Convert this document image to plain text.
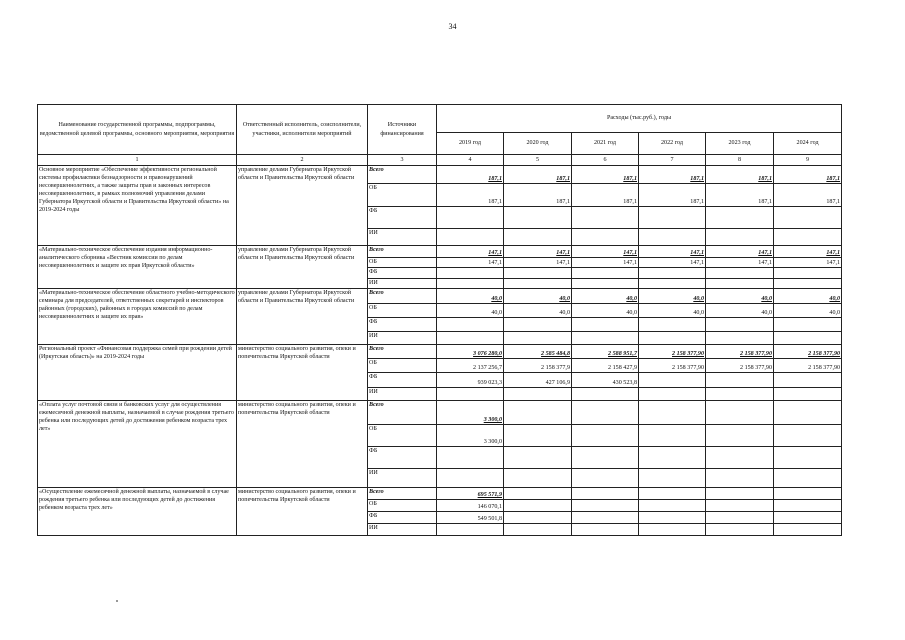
34
Наименование государственной программы, подпрограммы, ведомственной целевой программы, основного мероприятия, мероприятия	Ответственный исполнитель, соисполнители, участники, исполнители мероприятий	Источники финансирования	Расходы (тыс.руб.), годы					
			2019 год	2020 год	2021 год	2022 год	2023 год	2024 год
1	2	3	4	5	6	7	8	9
Основное мероприятие «Обеспечение эффективности региональной системы профилактики безнадзорности и правонарушений несовершеннолетних, а также защиты прав и законных интересов несовершеннолетних, в рамках полномочий управления делами Губернатора Иркутской области и Правительства Иркутской области» на 2019-2024 годы	управление делами Губернатора Иркутской области и Правительства Иркутской области	Всего	187,1	187,1	187,1	187,1	187,1	187,1
		ОБ	187,1	187,1	187,1	187,1	187,1	187,1
		ФБ						
		ИИ						
«Материально-техническое обеспечение издания информационно-аналитического сборника «Вестник комиссии по делам несовершеннолетних и защите их прав Иркутской области»	управление делами Губернатора Иркутской области и Правительства Иркутской области	Всего	147,1	147,1	147,1	147,1	147,1	147,1
		ОБ	147,1	147,1	147,1	147,1	147,1	147,1
		ФБ						
		ИИ						
«Материально-техническое обеспечение областного учебно-методического семинара для председателей, ответственных секретарей и инспекторов районных (городских), районных в городах комиссий по делам несовершеннолетних и защите их прав»	управление делами Губернатора Иркутской области и Правительства Иркутской области	Всего	40,0	40,0	40,0	40,0	40,0	40,0
		ОБ	40,0	40,0	40,0	40,0	40,0	40,0
		ФБ						
		ИИ						
Региональный проект «Финансовая поддержка семей при рождении детей (Иркутская область)» на 2019-2024 годы	министерство социального развития, опеки и попечительства Иркутской области	Всего	3 076 280,0	2 585 484,8	2 588 951,7	2 158 377,90	2 158 377,90	2 158 377,90
		ОБ	2 137 256,7	2 158 377,9	2 158 427,9	2 158 377,90	2 158 377,90	2 158 377,90
		ФБ	939 023,3	427 106,9	430 523,8			
		ИИ						
«Оплата услуг почтовой связи и банковских услуг для осуществления ежемесячной денежной выплаты, назначаемой в случае рождения третьего ребенка или последующих детей до достижения ребенком возраста трех лет»	министерство социального развития, опеки и попечительства Иркутской области	Всего	3 300,0					
		ОБ	3 300,0					
		ФБ						
		ИИ						
«Осуществление ежемесячной денежной выплаты, назначаемой в случае рождения третьего ребенка или последующих детей до достижения ребенком возраста трех лет»	министерство социального развития, опеки и попечительства Иркутской области	Всего	695 571,9					
		ОБ	146 070,1					
		ФБ	549 501,8					
		ИИ						
